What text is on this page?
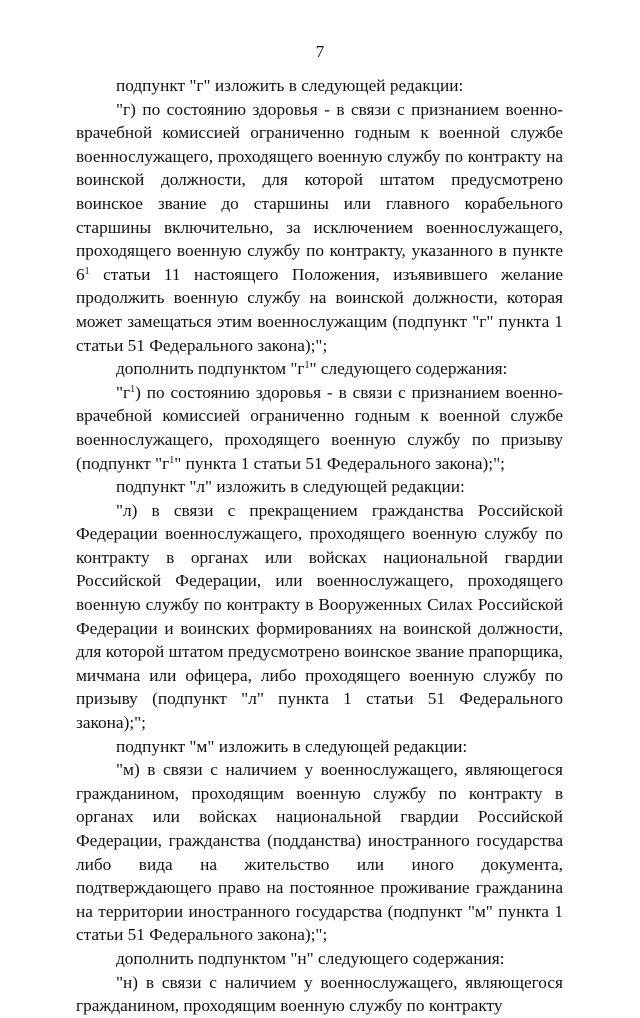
7

подпункт "г" изложить в следующей редакции:

"г) по состоянию здоровья - в связи с признанием военно-врачебной комиссией ограниченно годным к военной службе военнослужащего, проходящего военную службу по контракту на воинской должности, для которой штатом предусмотрено воинское звание до старшины или главного корабельного старшины включительно, за исключением военнослужащего, проходящего военную службу по контракту, указанного в пункте $6^1$ статьи 11 настоящего Положения, изъявившего желание продолжить военную службу на воинской должности, которая может замещаться этим военнослужащим (подпункт "г" пункта 1 статьи 51 Федерального закона);";

дополнить подпунктом "$г^1$" следующего содержания:

"$г^1$) по состоянию здоровья - в связи с признанием военно-врачебной комиссией ограниченно годным к военной службе военнослужащего, проходящего военную службу по призыву (подпункт "$г^1$" пункта 1 статьи 51 Федерального закона);";

подпункт "л" изложить в следующей редакции:

"л) в связи с прекращением гражданства Российской Федерации военнослужащего, проходящего военную службу по контракту в органах или войсках национальной гвардии Российской Федерации, или военнослужащего, проходящего военную службу по контракту в Вооруженных Силах Российской Федерации и воинских формированиях на воинской должности, для которой штатом предусмотрено воинское звание прапорщика, мичмана или офицера, либо проходящего военную службу по призыву (подпункт "л" пункта 1 статьи 51 Федерального закона);";

подпункт "м" изложить в следующей редакции:

"м) в связи с наличием у военнослужащего, являющегося гражданином, проходящим военную службу по контракту в органах или войсках национальной гвардии Российской Федерации, гражданства (подданства) иностранного государства либо вида на жительство или иного документа, подтверждающего право на постоянное проживание гражданина на территории иностранного государства (подпункт "м" пункта 1 статьи 51 Федерального закона);";

дополнить подпунктом "н" следующего содержания:

"н) в связи с наличием у военнослужащего, являющегося гражданином, проходящим военную службу по контракту
